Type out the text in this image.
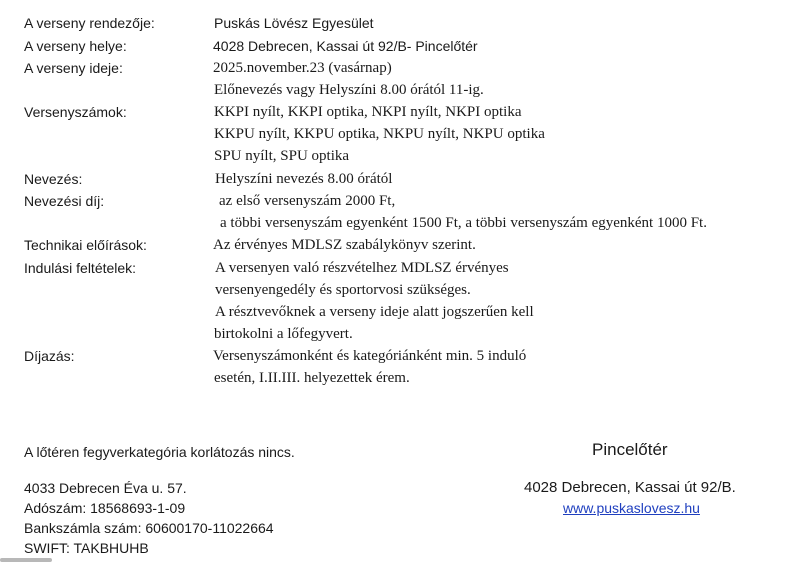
A verseny rendezője:	Puskás Lövész Egyesület
A verseny helye:	4028 Debrecen, Kassai út 92/B- Pincelőtér
A verseny ideje:	2025.november.23 (vasárnap)
Előnevezés vagy Helyszíni 8.00 órától 11-ig.
Versenyszámok:	KKPI nyílt, KKPI optika, NKPI nyílt, NKPI optika
KKPU nyílt, KKPU optika, NKPU nyílt, NKPU optika
SPU nyílt, SPU optika
Nevezés:	Helyszíni nevezés 8.00 órától
Nevezési díj:	az első versenyszám 2000 Ft,
a többi versenyszám egyenként 1500 Ft, a többi versenyszám egyenként 1000 Ft.
Technikai előírások:	Az érvényes MDLSZ szabálykönyv szerint.
Indulási feltételek:	A versenyen való részvételhez MDLSZ érvényes
versenyengedély és sportorvosi szükséges.
A résztvevőknek a verseny ideje alatt jogszerűen kell
birtokolni a lőfegyvert.
Díjazás:	Versenyszámonként és kategóriánként min. 5 induló
esetén, I.II.III. helyezettek érem.
A lőtéren fegyverkategória korlátozás nincs.
4033 Debrecen Éva u. 57.
Adószám: 18568693-1-09
Bankszámla szám: 60600170-11022664
SWIFT: TAKBHUHB
Pincelőtér
4028 Debrecen, Kassai út 92/B.
www.puskaslovesz.hu
